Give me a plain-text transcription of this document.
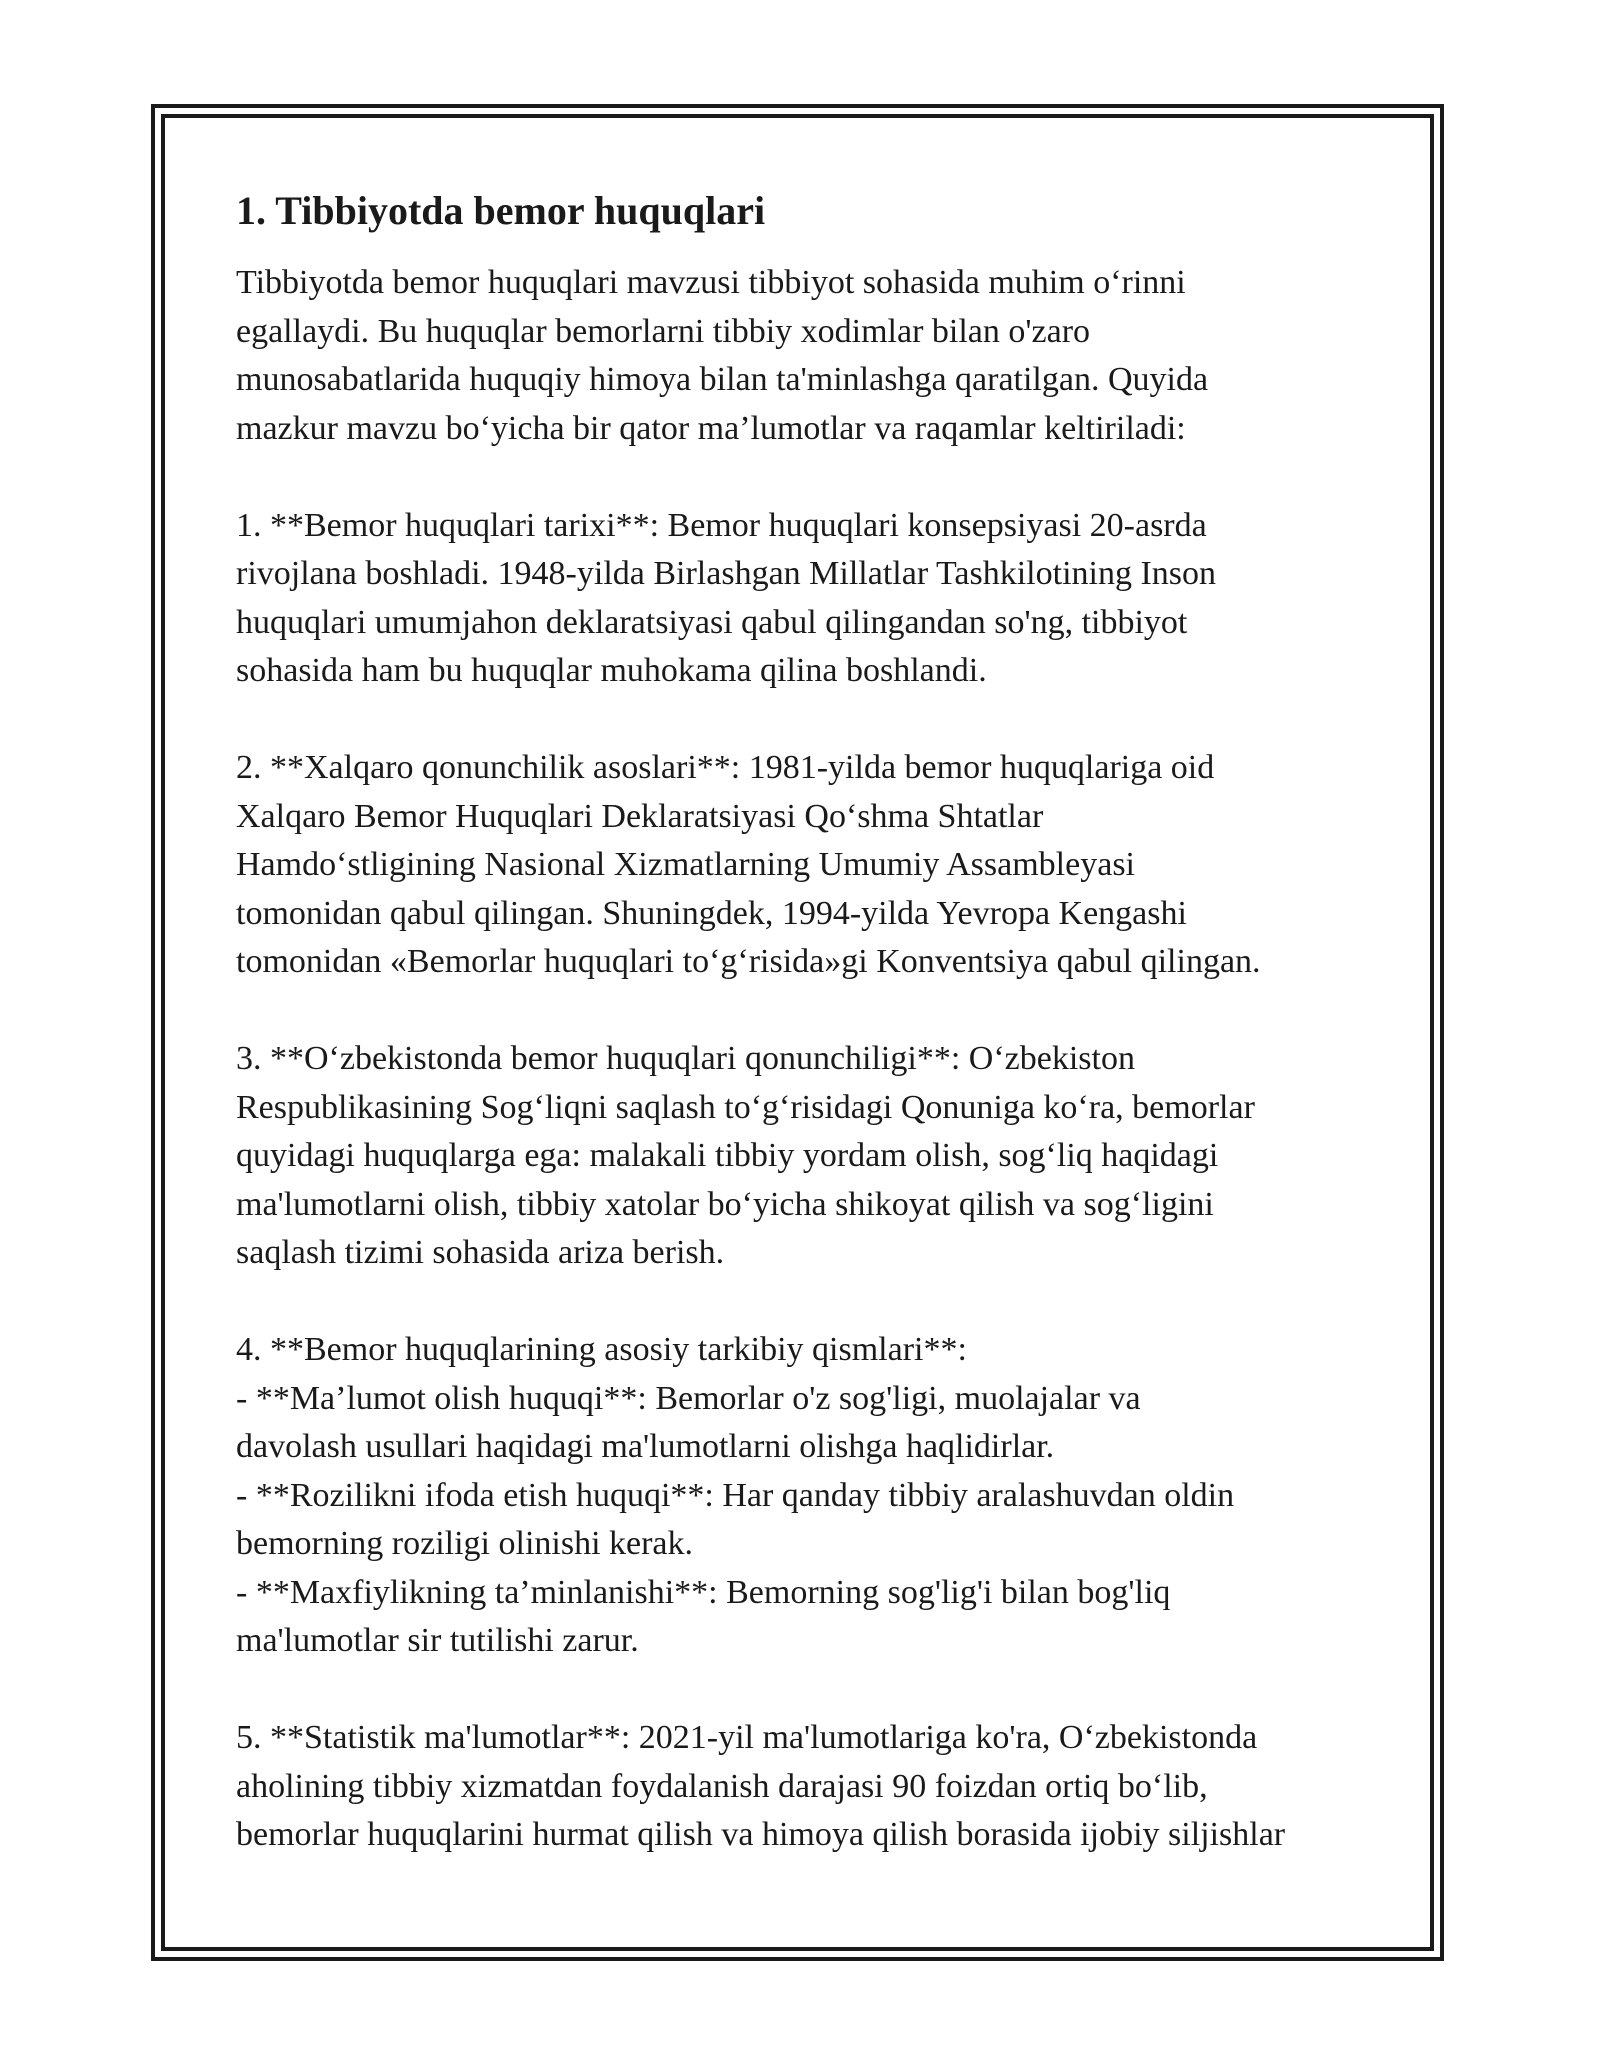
1. Tibbiyotda bemor huquqlari
Tibbiyotda bemor huquqlari mavzusi tibbiyot sohasida muhim o‘rinni
egallaydi. Bu huquqlar bemorlarni tibbiy xodimlar bilan o'zaro
munosabatlarida huquqiy himoya bilan ta'minlashga qaratilgan. Quyida
mazkur mavzu bo‘yicha bir qator ma’lumotlar va raqamlar keltiriladi:
1. **Bemor huquqlari tarixi**: Bemor huquqlari konsepsiyasi 20-asrda
rivojlana boshladi. 1948-yilda Birlashgan Millatlar Tashkilotining Inson
huquqlari umumjahon deklaratsiyasi qabul qilingandan so'ng, tibbiyot
sohasida ham bu huquqlar muhokama qilina boshlandi.
2. **Xalqaro qonunchilik asoslari**: 1981-yilda bemor huquqlariga oid
Xalqaro Bemor Huquqlari Deklaratsiyasi Qo‘shma Shtatlar
Hamdo‘stligining Nasional Xizmatlarning Umumiy Assambleyasi
tomonidan qabul qilingan. Shuningdek, 1994-yilda Yevropa Kengashi
tomonidan «Bemorlar huquqlari to‘g‘risida»gi Konventsiya qabul qilingan.
3. **O‘zbekistonda bemor huquqlari qonunchiligi**: O‘zbekiston
Respublikasining Sog‘liqni saqlash to‘g‘risidagi Qonuniga ko‘ra, bemorlar
quyidagi huquqlarga ega: malakali tibbiy yordam olish, sog‘liq haqidagi
ma'lumotlarni olish, tibbiy xatolar bo‘yicha shikoyat qilish va sog‘ligini
saqlash tizimi sohasida ariza berish.
4. **Bemor huquqlarining asosiy tarkibiy qismlari**:
- **Ma’lumot olish huquqi**: Bemorlar o'z sog'ligi, muolajalar va
davolash usullari haqidagi ma'lumotlarni olishga haqlidirlar.
- **Rozilikni ifoda etish huquqi**: Har qanday tibbiy aralashuvdan oldin
bemorning roziligi olinishi kerak.
- **Maxfiylikning ta’minlanishi**: Bemorning sog'lig'i bilan bog'liq
ma'lumotlar sir tutilishi zarur.
5. **Statistik ma'lumotlar**: 2021-yil ma'lumotlariga ko'ra, O‘zbekistonda
aholining tibbiy xizmatdan foydalanish darajasi 90 foizdan ortiq bo‘lib,
bemorlar huquqlarini hurmat qilish va himoya qilish borasida ijobiy siljishlar
